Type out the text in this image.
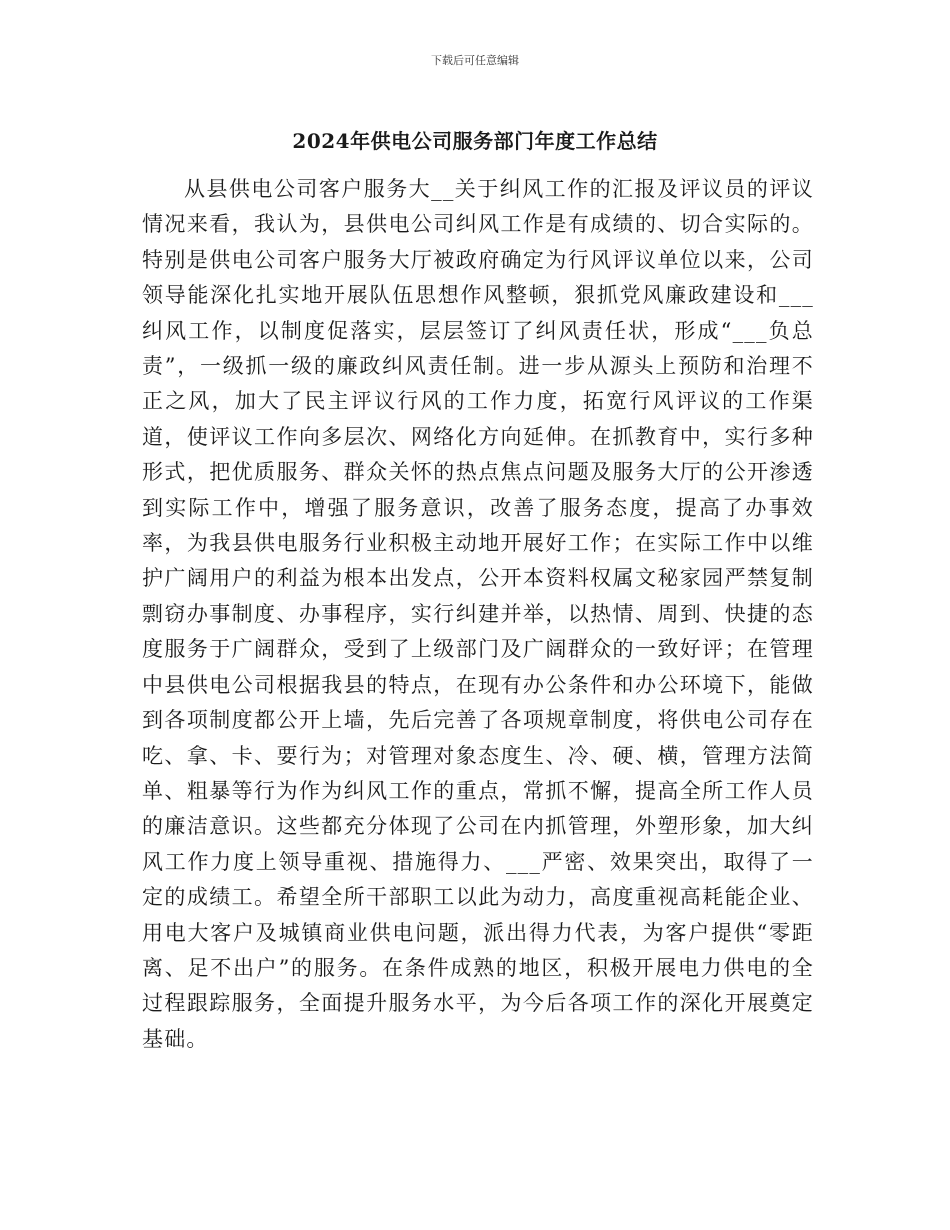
下载后可任意编辑
2024年供电公司服务部门年度工作总结

从县供电公司客户服务大__关于纠风工作的汇报及评议员的评议情况来看，我认为，县供电公司纠风工作是有成绩的、切合实际的。特别是供电公司客户服务大厅被政府确定为行风评议单位以来，公司领导能深化扎实地开展队伍思想作风整顿，狠抓党风廉政建设和___纠风工作，以制度促落实，层层签订了纠风责任状，形成“___负总责”，一级抓一级的廉政纠风责任制。进一步从源头上预防和治理不正之风，加大了民主评议行风的工作力度，拓宽行风评议的工作渠道，使评议工作向多层次、网络化方向延伸。在抓教育中，实行多种形式，把优质服务、群众关怀的热点焦点问题及服务大厅的公开渗透到实际工作中，增强了服务意识，改善了服务态度，提高了办事效率，为我县供电服务行业积极主动地开展好工作；在实际工作中以维护广阔用户的利益为根本出发点，公开本资料权属文秘家园严禁复制剽窃办事制度、办事程序，实行纠建并举，以热情、周到、快捷的态度服务于广阔群众，受到了上级部门及广阔群众的一致好评；在管理中县供电公司根据我县的特点，在现有办公条件和办公环境下，能做到各项制度都公开上墙，先后完善了各项规章制度，将供电公司存在吃、拿、卡、要行为；对管理对象态度生、冷、硬、横，管理方法简单、粗暴等行为作为纠风工作的重点，常抓不懈，提高全所工作人员的廉洁意识。这些都充分体现了公司在内抓管理，外塑形象，加大纠风工作力度上领导重视、措施得力、___严密、效果突出，取得了一定的成绩工。希望全所干部职工以此为动力，高度重视高耗能企业、用电大客户及城镇商业供电问题，派出得力代表，为客户提供“零距离、足不出户”的服务。在条件成熟的地区，积极开展电力供电的全过程跟踪服务，全面提升服务水平，为今后各项工作的深化开展奠定基础。
